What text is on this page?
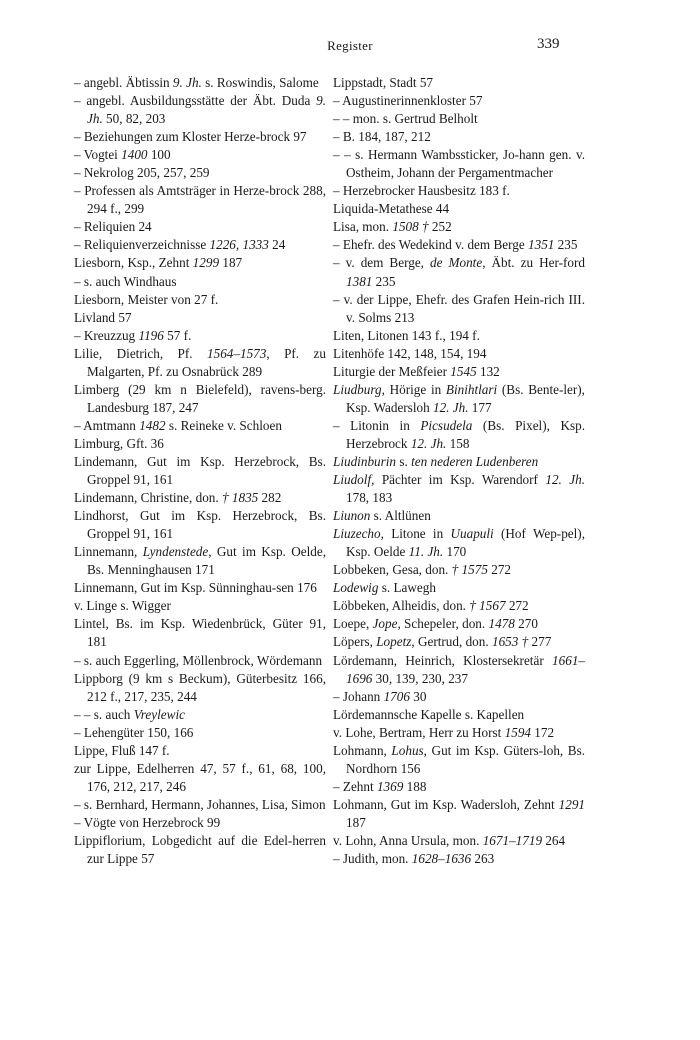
Register	339
– angebl. Äbtissin 9. Jh. s. Roswindis, Salome
– angebl. Ausbildungsstätte der Äbt. Duda 9. Jh. 50, 82, 203
– Beziehungen zum Kloster Herze-​brock 97
– Vogtei 1400 100
– Nekrolog 205, 257, 259
– Professen als Amtsträger in Herze-​brock 288, 294 f., 299
– Reliquien 24
– Reliquienverzeichnisse 1226, 1333 24
Liesborn, Ksp., Zehnt 1299 187
– s. auch Windhaus
Liesborn, Meister von 27 f.
Livland 57
– Kreuzzug 1196 57 f.
Lilie, Dietrich, Pf. 1564–1573, Pf. zu Malgarten, Pf. zu Osnabrück 289
Limberg (29 km n Bielefeld), ravens-​berg. Landesburg 187, 247
– Amtmann 1482 s. Reineke v. Schloen
Limburg, Gft. 36
Lindemann, Gut im Ksp. Herzebrock, Bs. Groppel 91, 161
Lindemann, Christine, don. † 1835 282
Lindhorst, Gut im Ksp. Herzebrock, Bs. Groppel 91, 161
Linnemann, Lyndenstede, Gut im Ksp. Oelde, Bs. Menninghausen 171
Linnemann, Gut im Ksp. Sünninghau-​sen 176
v. Linge s. Wigger
Lintel, Bs. im Ksp. Wiedenbrück, Güter 91, 181
– s. auch Eggerling, Möllenbrock, Wördemann
Lippborg (9 km s Beckum), Güterbesitz 166, 212 f., 217, 235, 244
– – s. auch Vreylewic
– Lehengüter 150, 166
Lippe, Fluß 147 f.
zur Lippe, Edelherren 47, 57 f., 61, 68, 100, 176, 212, 217, 246
– s. Bernhard, Hermann, Johannes, Lisa, Simon
– Vögte von Herzebrock 99
Lippiflorium, Lobgedicht auf die Edel-​herren zur Lippe 57
Lippstadt, Stadt 57
– Augustinerinnenkloster 57
– – mon. s. Gertrud Belholt
– B. 184, 187, 212
– – s. Hermann Wambssticker, Jo-​hann gen. v. Ostheim, Johann der Pergamentmacher
– Herzebrocker Hausbesitz 183 f.
Liquida-Metathese 44
Lisa, mon. 1508 † 252
– Ehefr. des Wedekind v. dem Berge 1351 235
– v. dem Berge, de Monte, Äbt. zu Her-​ford 1381 235
– v. der Lippe, Ehefr. des Grafen Hein-​rich III. v. Solms 213
Liten, Litonen 143 f., 194 f.
Litenhöfe 142, 148, 154, 194
Liturgie der Meßfeier 1545 132
Liudburg, Hörige in Binihtlari (Bs. Bente-​ler), Ksp. Wadersloh 12. Jh. 177
– Litonin in Picsudela (Bs. Pixel), Ksp. Herzebrock 12. Jh. 158
Liudinburin s. ten nederen Ludenberen
Liudolf, Pächter im Ksp. Warendorf 12. Jh. 178, 183
Liunon s. Altlünen
Liuzecho, Litone in Uuapuli (Hof Wep-​pel), Ksp. Oelde 11. Jh. 170
Lobbeken, Gesa, don. † 1575 272
Lodewig s. Lawegh
Löbbeken, Alheidis, don. † 1567 272
Loepe, Jope, Schepeler, don. 1478 270
Löpers, Lopetz, Gertrud, don. 1653 † 277
Lördemann, Heinrich, Klostersekretär 1661–1696 30, 139, 230, 237
– Johann 1706 30
Lördemannsche Kapelle s. Kapellen
v. Lohe, Bertram, Herr zu Horst 1594 172
Lohmann, Lohus, Gut im Ksp. Güters-​loh, Bs. Nordhorn 156
– Zehnt 1369 188
Lohmann, Gut im Ksp. Wadersloh, Zehnt 1291 187
v. Lohn, Anna Ursula, mon. 1671–1719 264
– Judith, mon. 1628–1636 263
